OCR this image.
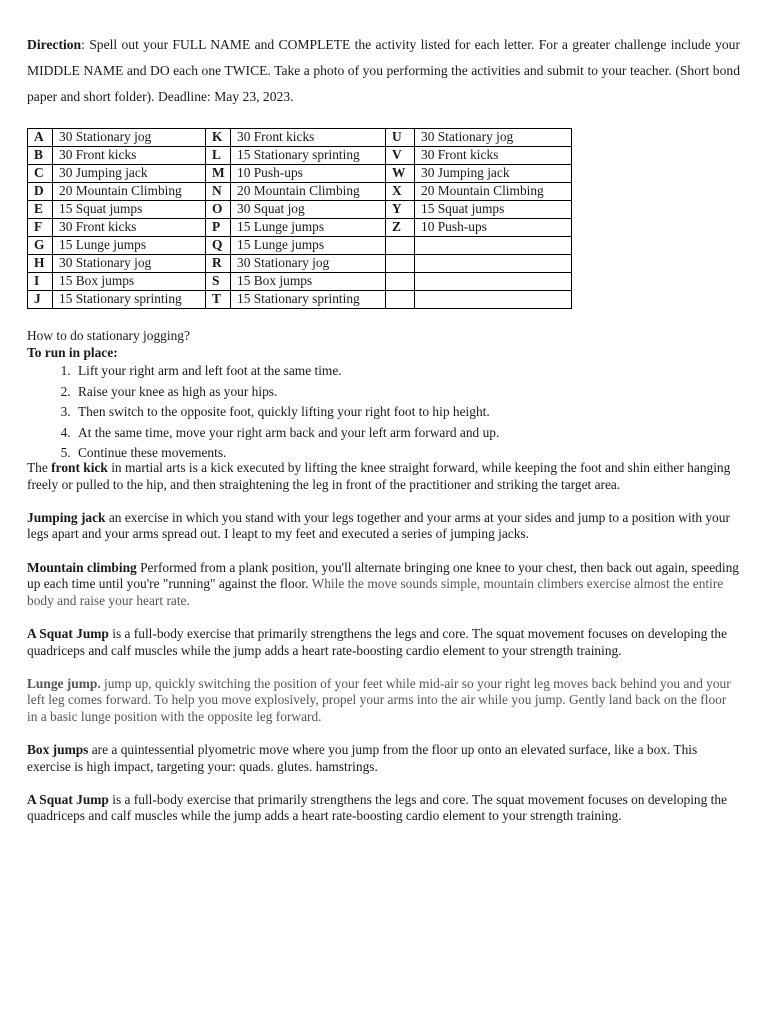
Direction: Spell out your FULL NAME and COMPLETE the activity listed for each letter. For a greater challenge include your MIDDLE NAME and DO each one TWICE. Take a photo of you performing the activities and submit to your teacher. (Short bond paper and short folder). Deadline: May 23, 2023.

A	30 Stationary jog	K	30 Front kicks	U	30 Stationary jog
B	30 Front kicks	L	15 Stationary sprinting	V	30 Front kicks
C	30 Jumping jack	M	10 Push-ups	W	30 Jumping jack
D	20 Mountain Climbing	N	20 Mountain Climbing	X	20 Mountain Climbing
E	15 Squat jumps	O	30 Squat jog	Y	15 Squat jumps
F	30 Front kicks	P	15 Lunge jumps	Z	10 Push-ups
G	15 Lunge jumps	Q	15 Lunge jumps		
H	30 Stationary jog	R	30 Stationary jog		
I	15 Box jumps	S	15 Box jumps		
J	15 Stationary sprinting	T	15 Stationary sprinting		

How to do stationary jogging?

To run in place:

1. Lift your right arm and left foot at the same time.
2. Raise your knee as high as your hips.
3. Then switch to the opposite foot, quickly lifting your right foot to hip height.
4. At the same time, move your right arm back and your left arm forward and up.
5. Continue these movements.

The front kick in martial arts is a kick executed by lifting the knee straight forward, while keeping the foot and shin either hanging freely or pulled to the hip, and then straightening the leg in front of the practitioner and striking the target area.

Jumping jack an exercise in which you stand with your legs together and your arms at your sides and jump to a position with your legs apart and your arms spread out. I leapt to my feet and executed a series of jumping jacks.

Mountain climbing Performed from a plank position, you'll alternate bringing one knee to your chest, then back out again, speeding up each time until you're "running" against the floor. While the move sounds simple, mountain climbers exercise almost the entire body and raise your heart rate.

A Squat Jump is a full-body exercise that primarily strengthens the legs and core. The squat movement focuses on developing the quadriceps and calf muscles while the jump adds a heart rate-boosting cardio element to your strength training.

Lunge jump. jump up, quickly switching the position of your feet while mid-air so your right leg moves back behind you and your left leg comes forward. To help you move explosively, propel your arms into the air while you jump. Gently land back on the floor in a basic lunge position with the opposite leg forward.

Box jumps are a quintessential plyometric move where you jump from the floor up onto an elevated surface, like a box. This exercise is high impact, targeting your: quads. glutes. hamstrings.

A Squat Jump is a full-body exercise that primarily strengthens the legs and core. The squat movement focuses on developing the quadriceps and calf muscles while the jump adds a heart rate-boosting cardio element to your strength training.
